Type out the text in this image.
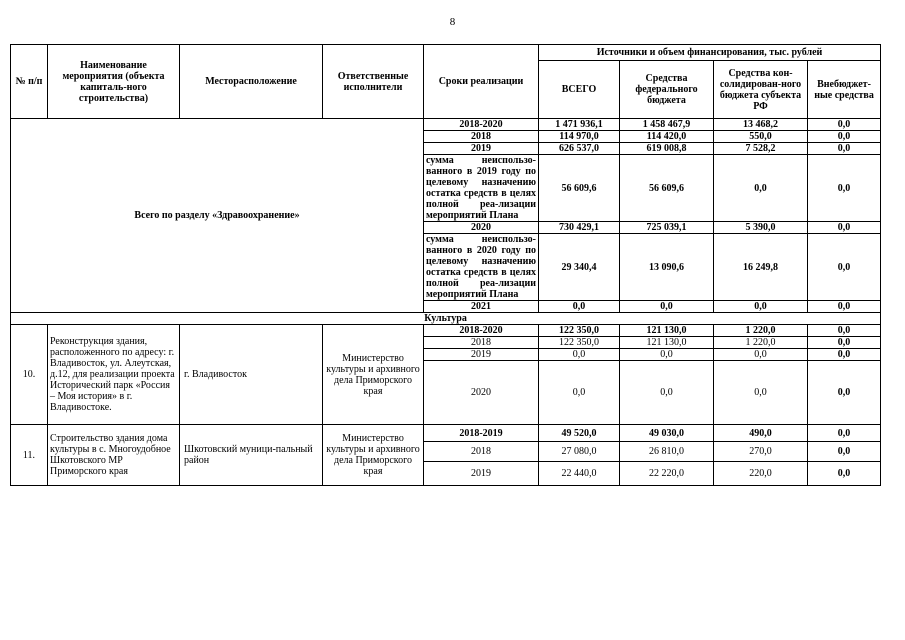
8
№ п/п	Наименование мероприятия (объекта капиталь-ного строительства)	Месторасположение	Ответственные исполнители	Сроки реализации	Источники и объем финансирования, тыс. рублей			
					ВСЕГО	Средства федерального бюджета	Средства кон-солидирован-ного бюджета субъекта РФ	Внебюджет-ные средства
Всего по разделу «Здравоохранение»				2018-2020	1 471 936,1	1 458 467,9	13 468,2	0,0
				2018	114 970,0	114 420,0	550,0	0,0
				2019	626 537,0	619 008,8	7 528,2	0,0
				сумма неиспользо-ванного в 2019 году по целевому назначению остатка средств в целях полной реа-лизации мероприятий Плана	56 609,6	56 609,6	0,0	0,0
				2020	730 429,1	725 039,1	5 390,0	0,0
				сумма неиспользо-ванного в 2020 году по целевому назначению остатка средств в целях полной реа-лизации мероприятий Плана	29 340,4	13 090,6	16 249,8	0,0
				2021	0,0	0,0	0,0	0,0
Культура								
10.	Реконструкция здания, расположенного по адресу: г. Владивосток, ул. Алеутская, д.12, для реализации проекта Исторический парк «Россия – Моя история» в г. Владивостоке.	г. Владивосток	Министерство культуры и архивного дела Приморского края	2018-2020	122 350,0	121 130,0	1 220,0	0,0
				2018	122 350,0	121 130,0	1 220,0	0,0
				2019	0,0	0,0	0,0	0,0
				2020	0,0	0,0	0,0	0,0
11.	Строительство здания дома культуры в с. Многоудобное Шкотовского МР Приморского края	Шкотовский муници-пальный район	Министерство культуры и архивного дела Приморского края	2018-2019	49 520,0	49 030,0	490,0	0,0
				2018	27 080,0	26 810,0	270,0	0,0
				2019	22 440,0	22 220,0	220,0	0,0
